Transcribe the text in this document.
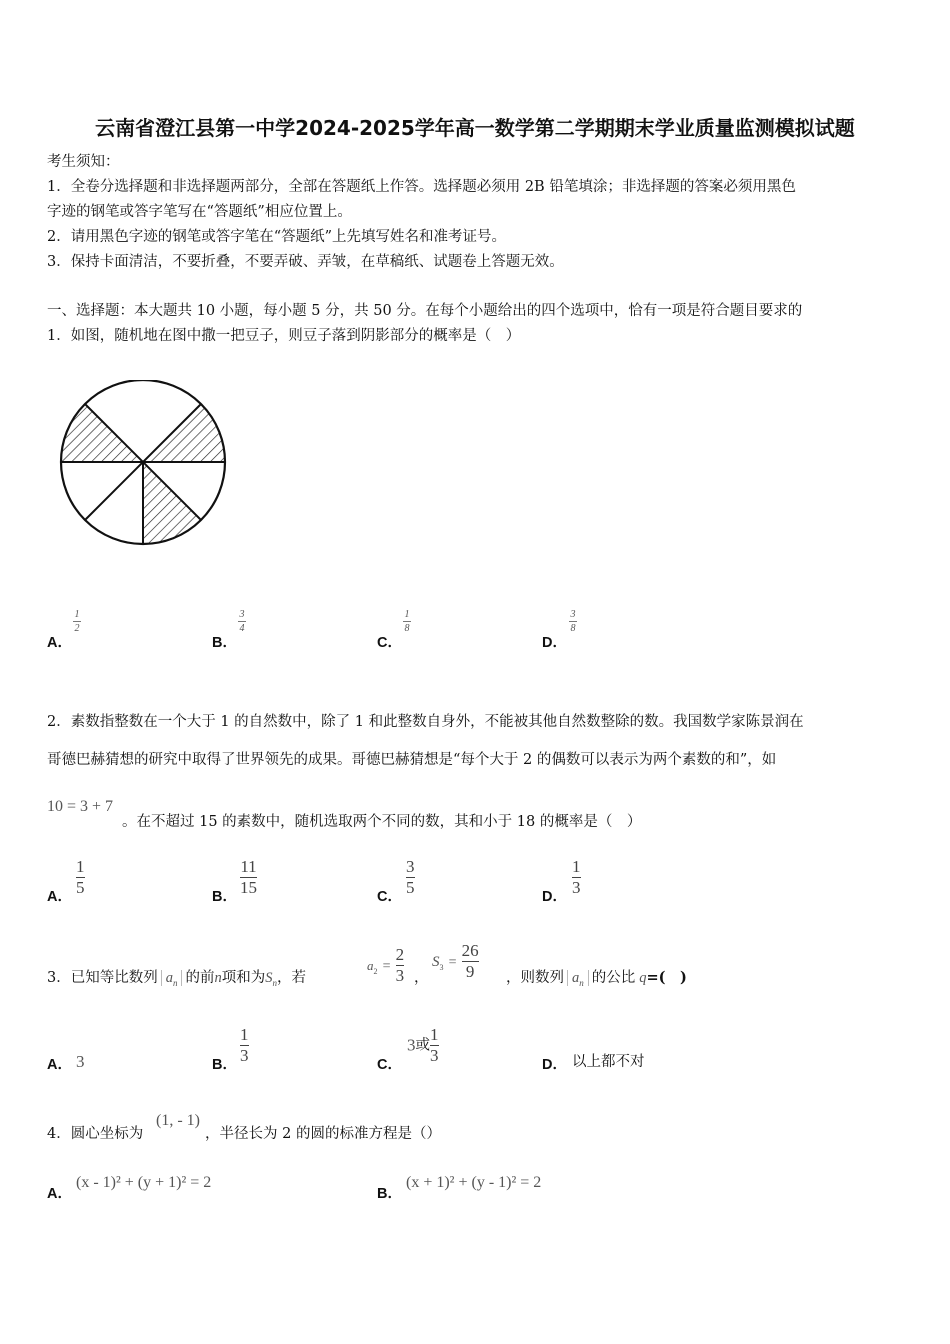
云南省澄江县第一中学2024-2025学年高一数学第二学期期末学业质量监测模拟试题
考生须知：
1．全卷分选择题和非选择题两部分，全部在答题纸上作答。选择题必须用 2B 铅笔填涂；非选择题的答案必须用黑色
字迹的钢笔或答字笔写在“答题纸”相应位置上。
2．请用黑色字迹的钢笔或答字笔在“答题纸”上先填写姓名和准考证号。
3．保持卡面清洁，不要折叠，不要弄破、弄皱，在草稿纸、试题卷上答题无效。
一、选择题：本大题共 10 小题，每小题 5 分，共 50 分。在每个小题给出的四个选项中，恰有一项是符合题目要求的
1．如图，随机地在图中撒一把豆子，则豆子落到阴影部分的概率是（　）
$\frac{1}{2}$
A．
$\frac{3}{4}$
B．
$\frac{1}{8}$
C．
$\frac{3}{8}$
D．
2．素数指整数在一个大于 1 的自然数中，除了 1 和此整数自身外，不能被其他自然数整除的数。我国数学家陈景润在
哥德巴赫猜想的研究中取得了世界领先的成果。哥德巴赫猜想是“每个大于 2 的偶数可以表示为两个素数的和”，如
10 = 3 + 7
。在不超过 15 的素数中，随机选取两个不同的数，其和小于 18 的概率是（　）
A． $\frac{1}{5}$	B． $\frac{11}{15}$	C． $\frac{3}{5}$	D． $\frac{1}{3}$
3．已知等比数列 $a_n$ 的前n项和为$S_n$，若
$a_2 = \frac{2}{3}$ ，
$S_3 = \frac{26}{9}$ ，则数列 $a_n$ 的公比 q=(　)
A． 3	B． $\frac{1}{3}$	C．
3或 $\frac{1}{3}$	D． 以上都不对
4．圆心坐标为
(1, - 1)
，半径长为 2 的圆的标准方程是（）
A．
(x - 1)² + (y + 1)² = 2
B．
(x + 1)² + (y - 1)² = 2
